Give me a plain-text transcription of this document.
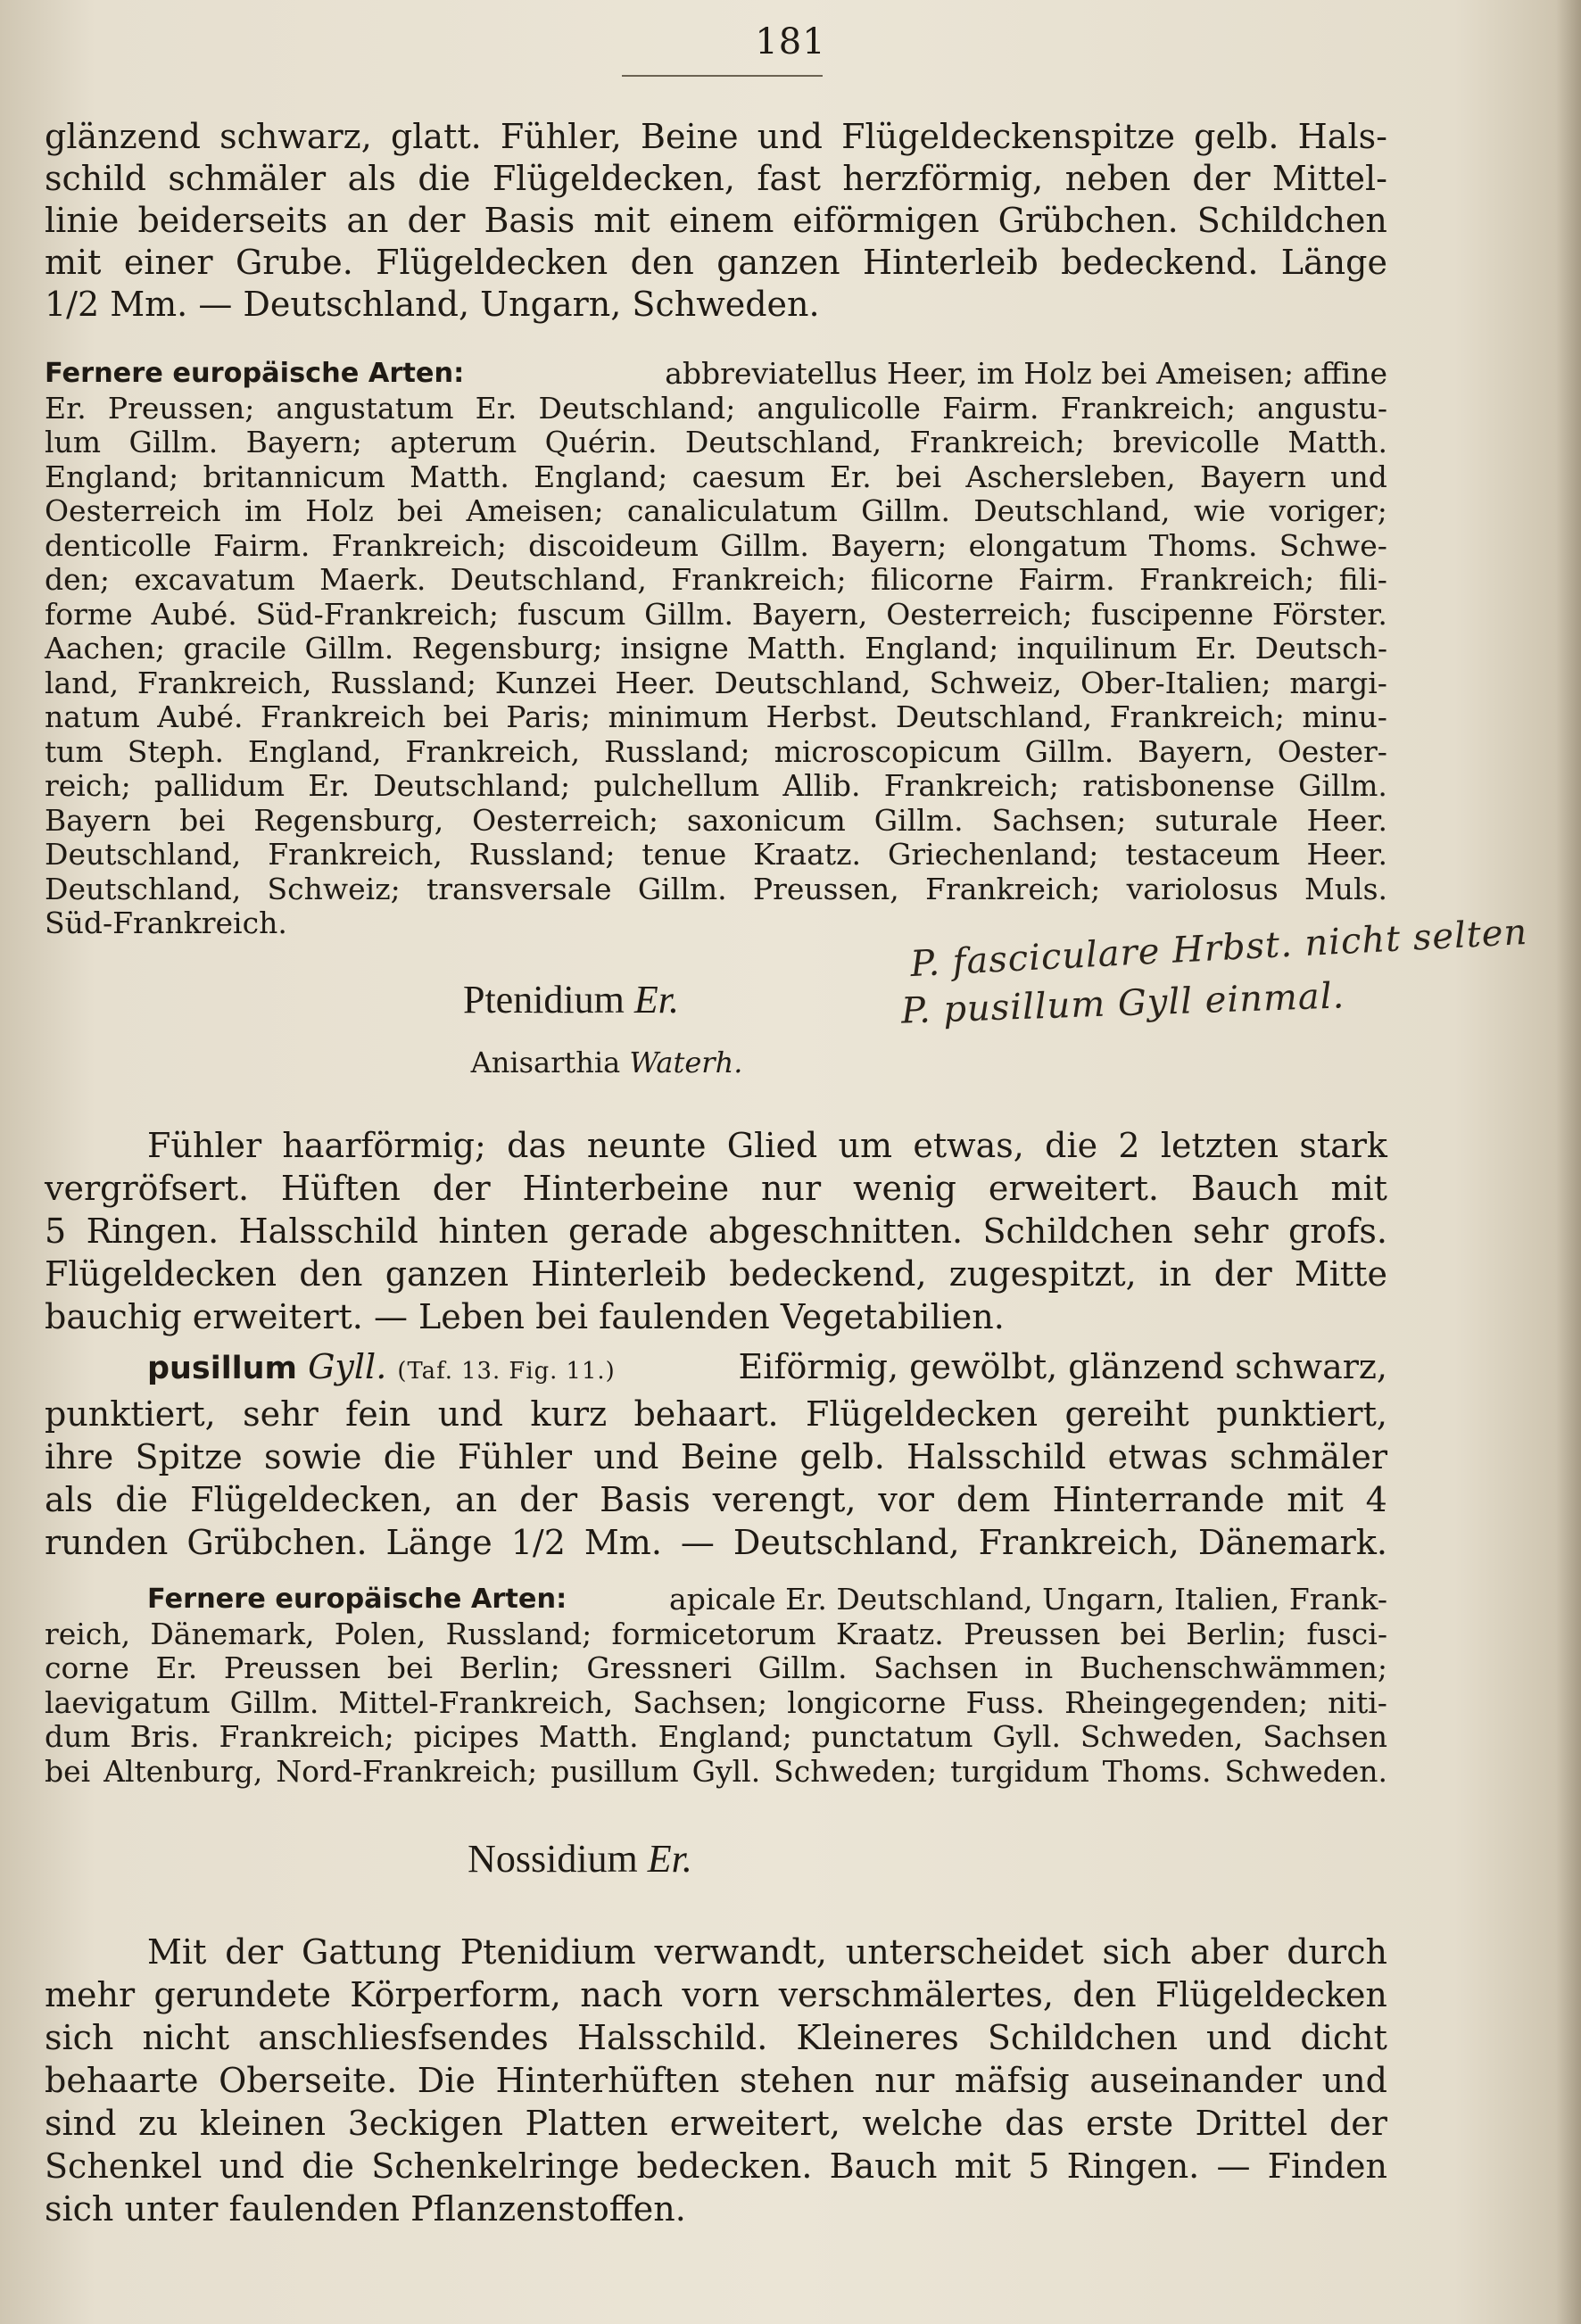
181
glänzend schwarz, glatt. Fühler, Beine und Flügeldeckenspitze gelb. Hals-
schild schmäler als die Flügeldecken, fast herzförmig, neben der Mittel-
linie beiderseits an der Basis mit einem eiförmigen Grübchen. Schildchen
mit einer Grube. Flügeldecken den ganzen Hinterleib bedeckend. Länge
1/2 Mm. — Deutschland, Ungarn, Schweden.
Fernere europäische Arten:	abbreviatellus Heer, im Holz bei Ameisen; affine
Er. Preussen; angustatum Er. Deutschland; angulicolle Fairm. Frankreich; angustu-
lum Gillm. Bayern; apterum Quérin. Deutschland, Frankreich; brevicolle Matth.
England; britannicum Matth. England; caesum Er. bei Aschersleben, Bayern und
Oesterreich im Holz bei Ameisen; canaliculatum Gillm. Deutschland, wie voriger;
denticolle Fairm. Frankreich; discoideum Gillm. Bayern; elongatum Thoms. Schwe-
den; excavatum Maerk. Deutschland, Frankreich; filicorne Fairm. Frankreich; fili-
forme Aubé. Süd-Frankreich; fuscum Gillm. Bayern, Oesterreich; fuscipenne Förster.
Aachen; gracile Gillm. Regensburg; insigne Matth. England; inquilinum Er. Deutsch-
land, Frankreich, Russland; Kunzei Heer. Deutschland, Schweiz, Ober-Italien; margi-
natum Aubé. Frankreich bei Paris; minimum Herbst. Deutschland, Frankreich; minu-
tum Steph. England, Frankreich, Russland; microscopicum Gillm. Bayern, Oester-
reich; pallidum Er. Deutschland; pulchellum Allib. Frankreich; ratisbonense Gillm.
Bayern bei Regensburg, Oesterreich; saxonicum Gillm. Sachsen; suturale Heer.
Deutschland, Frankreich, Russland; tenue Kraatz. Griechenland; testaceum Heer.
Deutschland, Schweiz; transversale Gillm. Preussen, Frankreich; variolosus Muls.
Süd-Frankreich.	P. fasciculare Hrbst. nicht selten
P. pusillum Gyll einmal.
Ptenidium Er.
Anisarthia Waterh.
Fühler haarförmig; das neunte Glied um etwas, die 2 letzten stark
vergröfsert. Hüften der Hinterbeine nur wenig erweitert. Bauch mit
5 Ringen. Halsschild hinten gerade abgeschnitten. Schildchen sehr grofs.
Flügeldecken den ganzen Hinterleib bedeckend, zugespitzt, in der Mitte
bauchig erweitert. — Leben bei faulenden Vegetabilien.
pusillum Gyll. (Taf. 13. Fig. 11.)	Eiförmig, gewölbt, glänzend schwarz,
punktiert, sehr fein und kurz behaart. Flügeldecken gereiht punktiert,
ihre Spitze sowie die Fühler und Beine gelb. Halsschild etwas schmäler
als die Flügeldecken, an der Basis verengt, vor dem Hinterrande mit 4
runden Grübchen. Länge 1/2 Mm. — Deutschland, Frankreich, Dänemark.
Fernere europäische Arten:	apicale Er. Deutschland, Ungarn, Italien, Frank-
reich, Dänemark, Polen, Russland; formicetorum Kraatz. Preussen bei Berlin; fusci-
corne Er. Preussen bei Berlin; Gressneri Gillm. Sachsen in Buchenschwämmen;
laevigatum Gillm. Mittel-Frankreich, Sachsen; longicorne Fuss. Rheingegenden; niti-
dum Bris. Frankreich; picipes Matth. England; punctatum Gyll. Schweden, Sachsen
bei Altenburg, Nord-Frankreich; pusillum Gyll. Schweden; turgidum Thoms. Schweden.
Nossidium Er.
Mit der Gattung Ptenidium verwandt, unterscheidet sich aber durch
mehr gerundete Körperform, nach vorn verschmälertes, den Flügeldecken
sich nicht anschliesfsendes Halsschild. Kleineres Schildchen und dicht
behaarte Oberseite. Die Hinterhüften stehen nur mäfsig auseinander und
sind zu kleinen 3eckigen Platten erweitert, welche das erste Drittel der
Schenkel und die Schenkelringe bedecken. Bauch mit 5 Ringen. — Finden
sich unter faulenden Pflanzenstoffen.
